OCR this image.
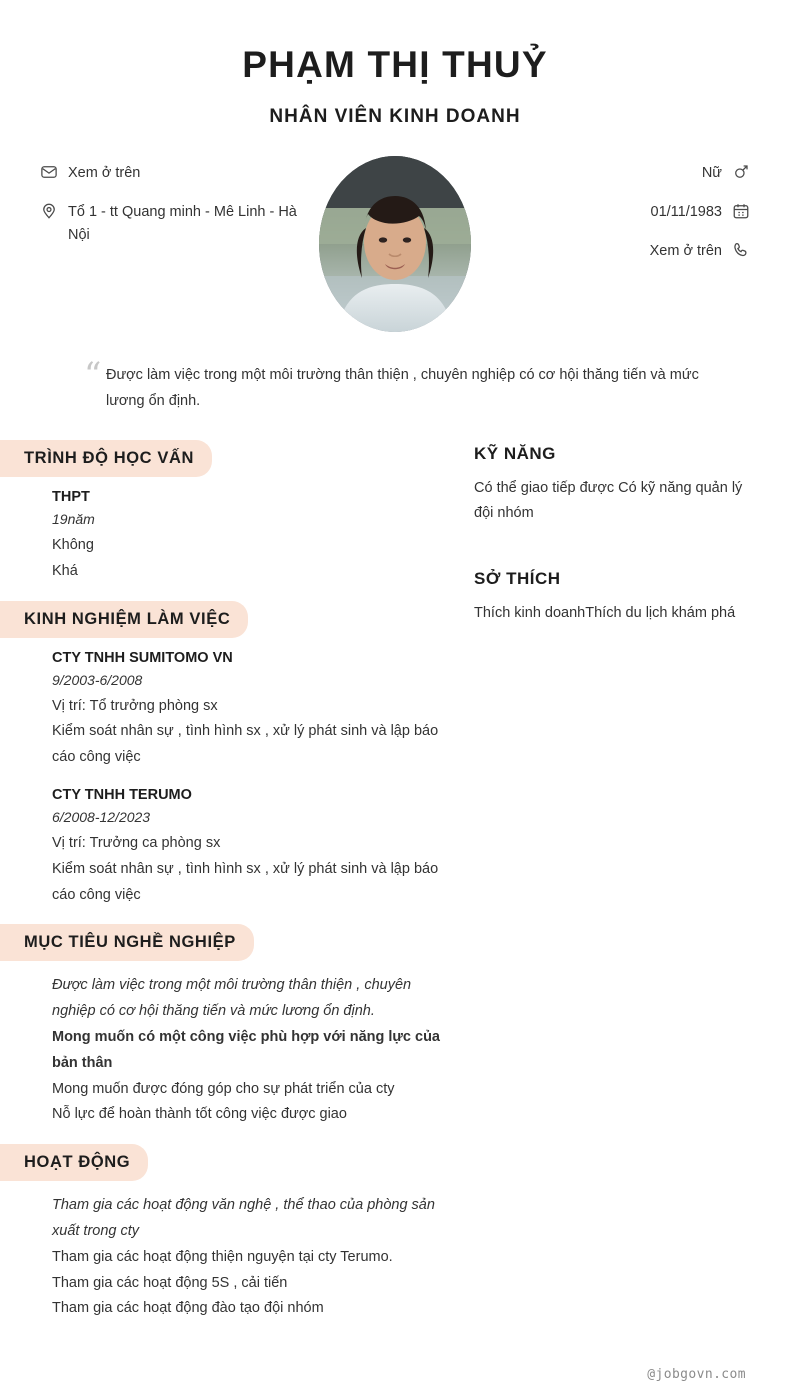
PHẠM THỊ THUỶ
NHÂN VIÊN KINH DOANH
Xem ở trên
Tổ 1 - tt Quang minh - Mê Linh - Hà Nội
Nữ
01/11/1983
Xem ở trên
“ Được làm việc trong một môi trường thân thiện , chuyên nghiệp có cơ hội thăng tiến và mức lương ổn định.
TRÌNH ĐỘ HỌC VẤN
THPT
19năm
Không
Khá
KINH NGHIỆM LÀM VIỆC
CTY TNHH SUMITOMO VN
9/2003-6/2008
Vị trí: Tổ trưởng phòng sx
Kiểm soát nhân sự , tình hình sx , xử lý phát sinh và lập báo cáo công việc
CTY TNHH TERUMO
6/2008-12/2023
Vị trí: Trưởng ca phòng sx
Kiểm soát nhân sự , tình hình sx , xử lý phát sinh và lập báo cáo công việc
MỤC TIÊU NGHỀ NGHIỆP
Được làm việc trong một môi trường thân thiện , chuyên nghiệp có cơ hội thăng tiến và mức lương ổn định.
Mong muốn có một công việc phù hợp với năng lực của bản thân
Mong muốn được đóng góp cho sự phát triển của cty
Nỗ lực để hoàn thành tốt công việc được giao
HOẠT ĐỘNG
Tham gia các hoạt động văn nghệ , thể thao của phòng sản xuất trong cty
Tham gia các hoạt động thiện nguyện tại cty Terumo.
Tham gia các hoạt động 5S , cải tiến
Tham gia các hoạt động đào tạo đội nhóm
KỸ NĂNG
Có thể giao tiếp được Có kỹ năng quản lý đội nhóm
SỞ THÍCH
Thích kinh doanhThích du lịch khám phá
@jobgovn.com
